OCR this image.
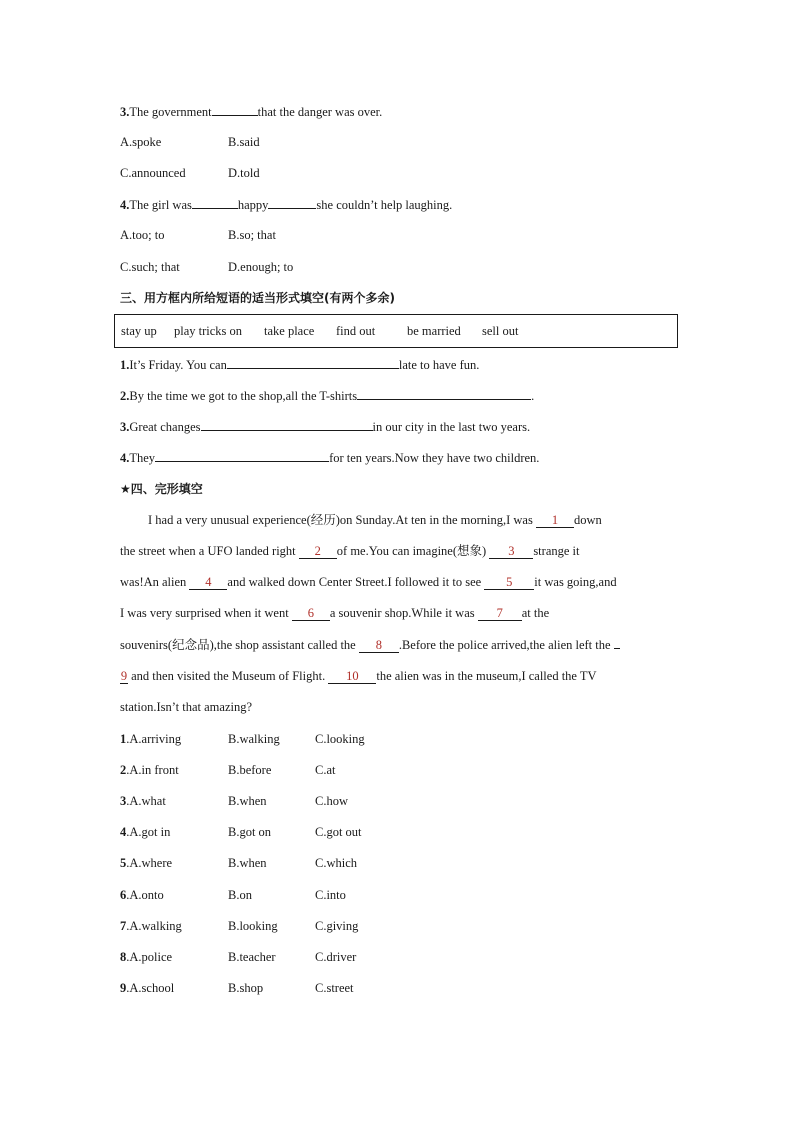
3.The government	that the danger was over.
A.spoke	B.said
C.announced	D.told
4.The girl was	happy	she couldn’t help laughing.
A.too; to	B.so; that
C.such; that	D.enough; to
三、用方框内所给短语的适当形式填空(有两个多余)
stay up play tricks on take place find out	be married sell out
1.It’s Friday. You can	late to have fun.
2.By the time we got to the shop,all the T-shirts	.
3.Great changes	in our city in the last two years.
4.They	for ten years.Now they have two children.
★四、完形填空
I had a very unusual experience(经历)on Sunday.At ten in the morning,I was 1 down
the street when a UFO landed right 2 of me.You can imagine(想象) 3 strange it
was!An alien 4 and walked down Center Street.I followed it to see 5 it was going,and
I was very surprised when it went 6 a souvenir shop.While it was 7 at the
souvenirs(纪念品),the shop assistant called the 8 .Before the police arrived,the alien left the
9 and then visited the Museum of Flight. 10 the alien was in the museum,I called the TV
station.Isn’t that amazing?
1.A.arriving	B.walking	C.looking
2.A.in front	B.before	C.at
3.A.what	B.when	C.how
4.A.got in	B.got on	C.got out
5.A.where	B.when	C.which
6.A.onto	B.on	C.into
7.A.walking	B.looking	C.giving
8.A.police	B.teacher	C.driver
9.A.school	B.shop	C.street
